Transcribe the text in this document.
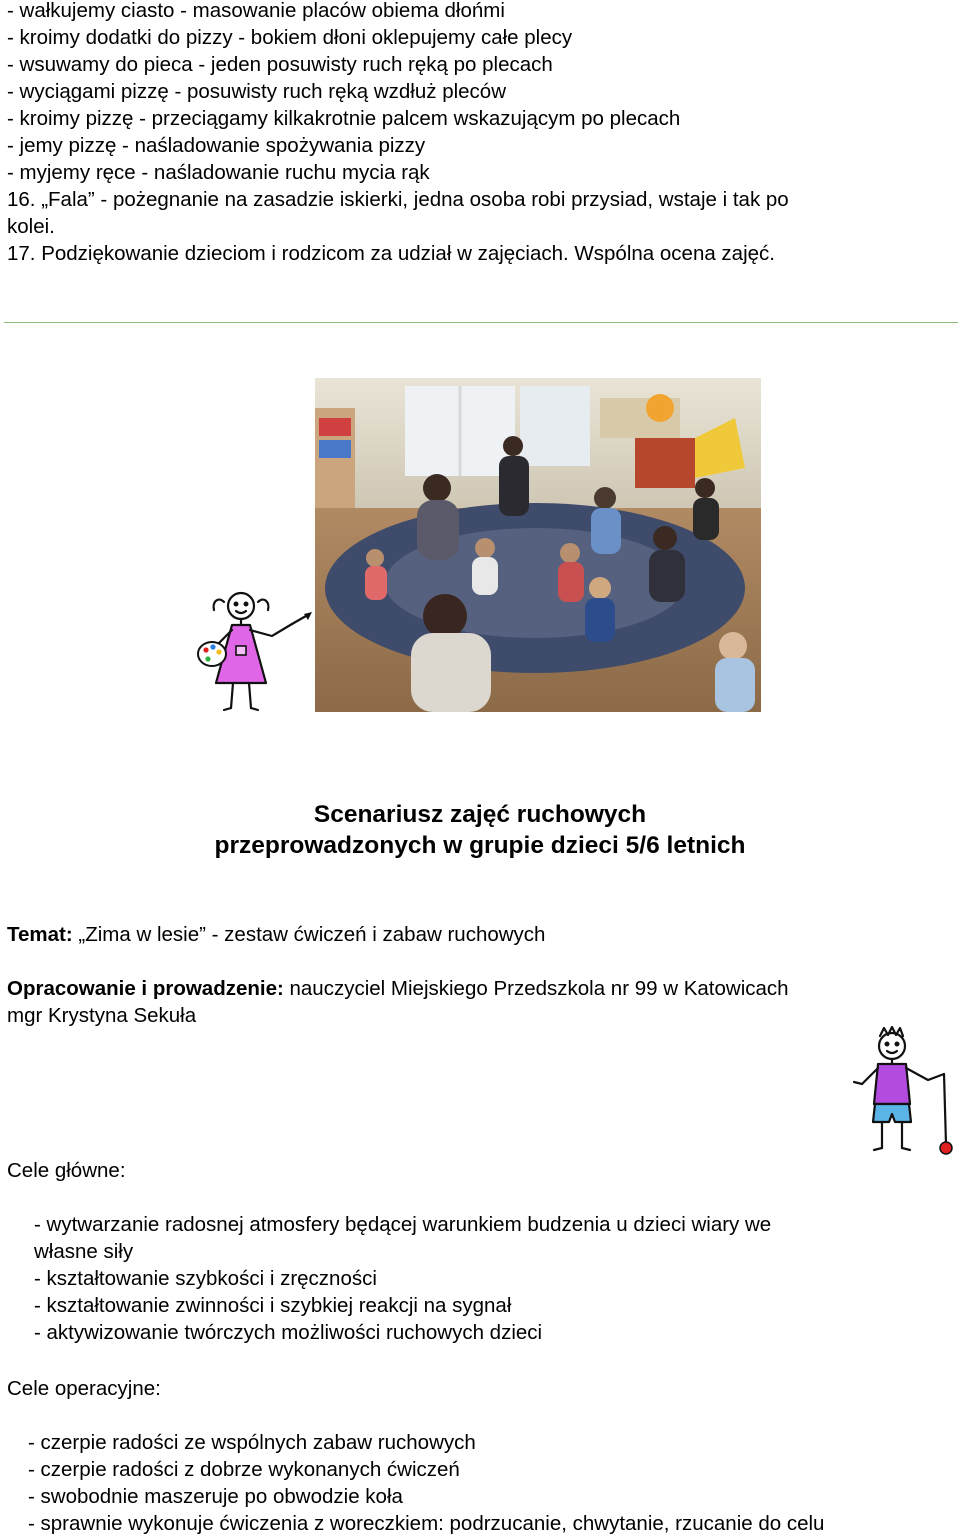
- wałkujemy ciasto - masowanie placów obiema dłońmi
- kroimy dodatki do pizzy - bokiem dłoni oklepujemy całe plecy
- wsuwamy do pieca - jeden posuwisty ruch ręką po plecach
- wyciągami pizzę - posuwisty ruch ręką wzdłuż pleców
- kroimy pizzę - przeciągamy kilkakrotnie palcem wskazującym po plecach
- jemy pizzę - naśladowanie spożywania pizzy
- myjemy ręce - naśladowanie ruchu mycia rąk
16. „Fala” - pożegnanie na zasadzie iskierki, jedna osoba robi przysiad, wstaje i tak po
kolei.
17. Podziękowanie dzieciom i rodzicom za udział w zajęciach. Wspólna ocena zajęć.
Scenariusz zajęć ruchowych
przeprowadzonych w grupie dzieci 5/6 letnich
Temat: „Zima w lesie” - zestaw ćwiczeń i zabaw ruchowych
Opracowanie i prowadzenie: nauczyciel Miejskiego Przedszkola nr 99 w Katowicach
mgr Krystyna Sekuła
Cele główne:
- wytwarzanie radosnej atmosfery będącej warunkiem budzenia u dzieci wiary we
własne siły
- kształtowanie szybkości i zręczności
- kształtowanie zwinności i szybkiej reakcji na sygnał
- aktywizowanie twórczych możliwości ruchowych dzieci
Cele operacyjne:
- czerpie radości ze wspólnych zabaw ruchowych
- czerpie radości z dobrze wykonanych ćwiczeń
- swobodnie maszeruje po obwodzie koła
- sprawnie wykonuje ćwiczenia z woreczkiem: podrzucanie, chwytanie, rzucanie do celu
